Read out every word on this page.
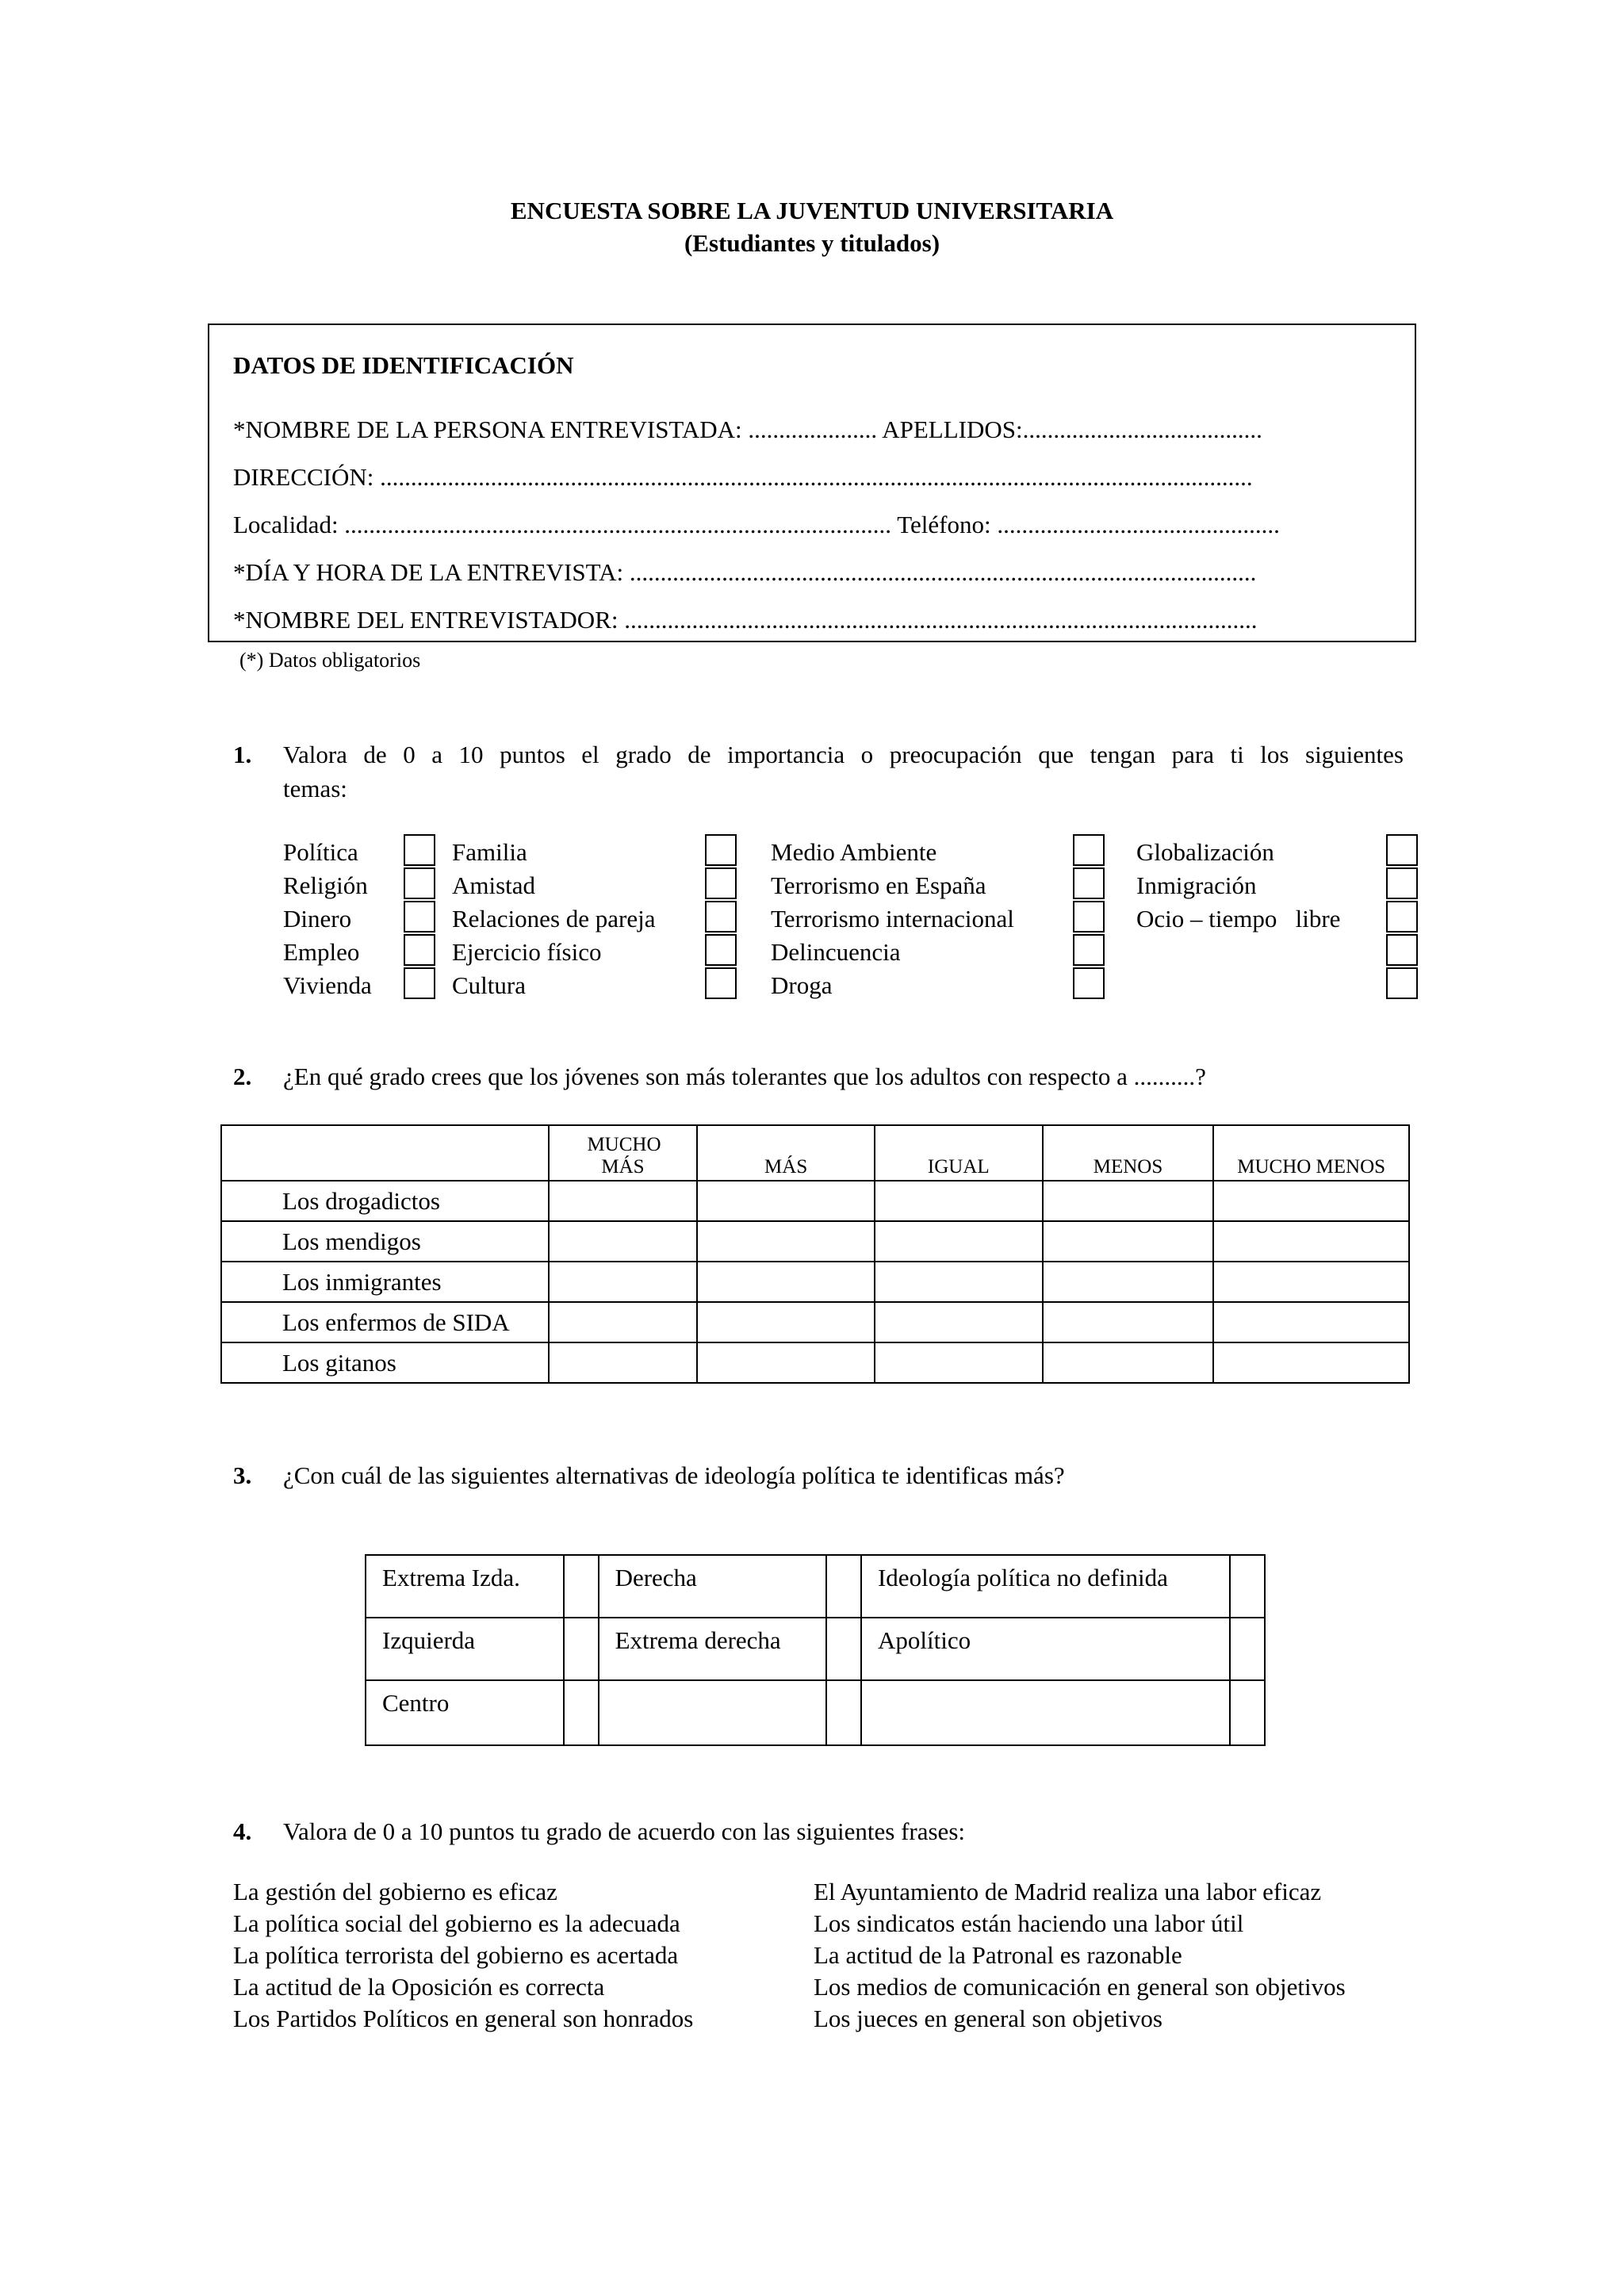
ENCUESTA SOBRE LA JUVENTUD UNIVERSITARIA
(Estudiantes y titulados)
DATOS DE IDENTIFICACIÓN
*NOMBRE DE LA PERSONA ENTREVISTADA: ..................... APELLIDOS:.......................................
DIRECCIÓN: ..............................................................................................................................................
Localidad: ......................................................................................... Teléfono: ..............................................
*DÍA Y HORA DE LA ENTREVISTA: ......................................................................................................
*NOMBRE DEL ENTREVISTADOR: .......................................................................................................
(*) Datos obligatorios
1. Valora de 0 a 10 puntos el grado de importancia o preocupación que tengan para ti los siguientes
temas:
Política
Religión
Dinero
Empleo
Vivienda
Familia
Amistad
Relaciones de pareja
Ejercicio físico
Cultura
Medio Ambiente
Terrorismo en España
Terrorismo internacional
Delincuencia
Droga
Globalización
Inmigración
Ocio – tiempo   libre
2. ¿En qué grado crees que los jóvenes son más tolerantes que los adultos con respecto a ..........?

	MUCHO MÁS	MÁS	IGUAL	MENOS	MUCHO MENOS
Los drogadictos					
Los mendigos					
Los inmigrantes					
Los enfermos de SIDA					
Los gitanos					
3. ¿Con cuál de las siguientes alternativas de ideología política te identificas más?
Extrema Izda.		Derecha		Ideología política no definida	
Izquierda		Extrema derecha		Apolítico	
Centro					
4. Valora de 0 a 10 puntos tu grado de acuerdo con las siguientes frases:
La gestión del gobierno es eficaz
La política social del gobierno es la adecuada
La política terrorista del gobierno es acertada
La actitud de la Oposición es correcta
Los Partidos Políticos en general son honrados
El Ayuntamiento de Madrid realiza una labor eficaz
Los sindicatos están haciendo una labor útil
La actitud de la Patronal es razonable
Los medios de comunicación en general son objetivos
Los jueces en general son objetivos
